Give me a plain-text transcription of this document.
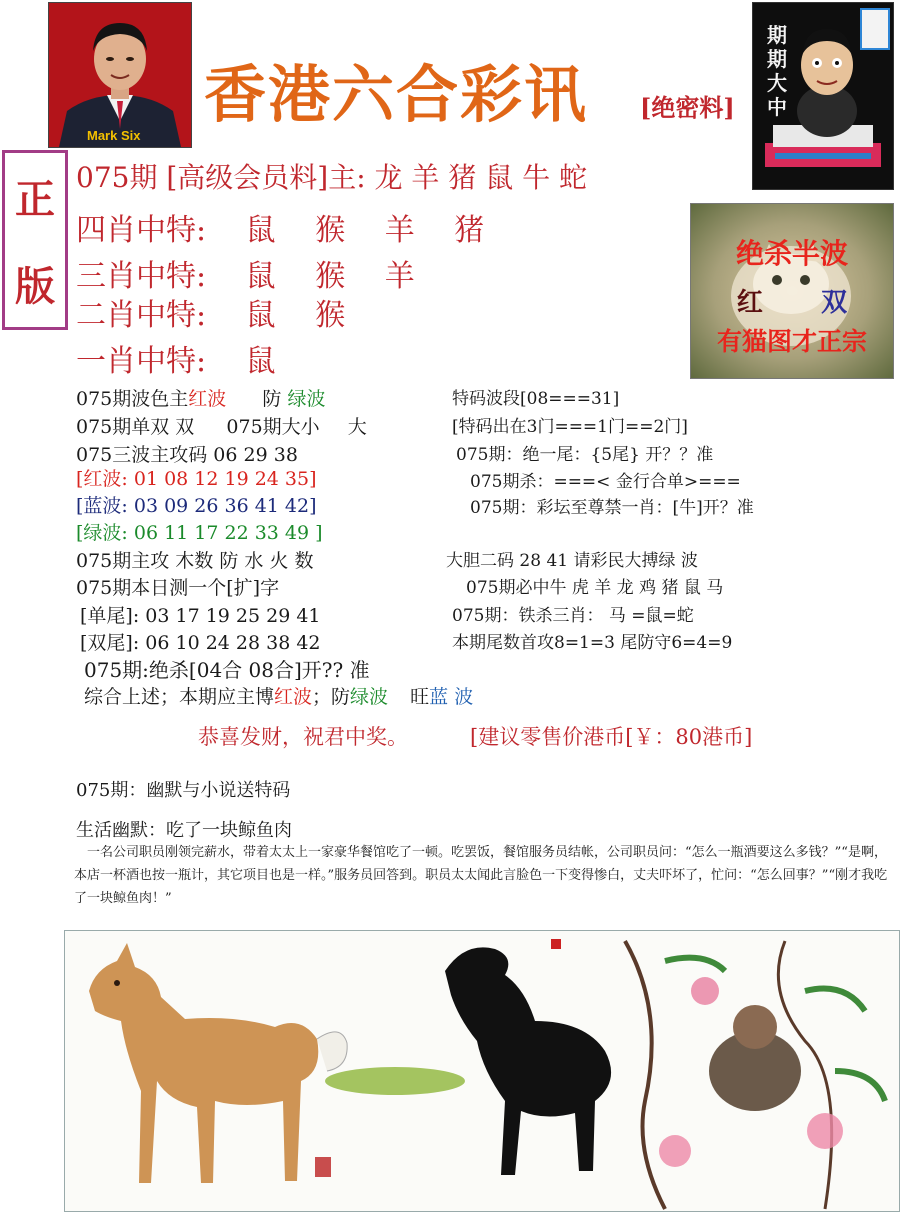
Mark Six
香港六合彩讯 [绝密料]
期期大中
正
版
075期 [高级会员料]主: 龙 羊 猪 鼠 牛 蛇
四肖中特: 鼠 猴 羊 猪
三肖中特: 鼠 猴 羊
二肖中特: 鼠 猴
一肖中特: 鼠
绝杀半波
红 双
有猫图才正宗
075期波色主红波 防 绿波
075期单双 双 075期大小 大
075三波主攻码 06 29 38
[红波: 01 08 12 19 24 35]
[蓝波: 03 09 26 36 41 42]
[绿波: 06 11 17 22 33 49 ]
075期主攻 木数 防 水 火 数
075期本日测一个[扩]字
[单尾]: 03 17 19 25 29 41
[双尾]: 06 10 24 28 38 42
075期:绝杀[04合 08合]开?? 准
综合上述；本期应主博红波；防绿波 旺蓝 波
特码波段[08===31]
[特码出在3门===1门==2门]
075期：绝一尾：{5尾} 开？？准
075期杀：===< 金行合单>===
075期：彩坛至尊禁一肖：[牛]开？准
大胆二码 28 41 请彩民大搏绿 波
075期必中牛 虎 羊 龙 鸡 猪 鼠 马
075期：铁杀三肖： 马 =鼠=蛇
本期尾数首攻8=1=3 尾防守6=4=9
恭喜发财，祝君中奖。	[建议零售价港币[￥：80港币]
075期：幽默与小说送特码
生活幽默：吃了一块鲸鱼肉
一名公司职员刚领完薪水，带着太太上一家豪华餐馆吃了一顿。吃罢饭，餐馆服务员结帐，公司职员问：“怎么一瓶酒要这么多钱？”“是啊，本店一杯酒也按一瓶计，其它项目也是一样。”服务员回答到。职员太太闻此言脸色一下变得惨白，丈夫吓坏了，忙问：“怎么回事？”“刚才我吃了一块鲸鱼肉！”
